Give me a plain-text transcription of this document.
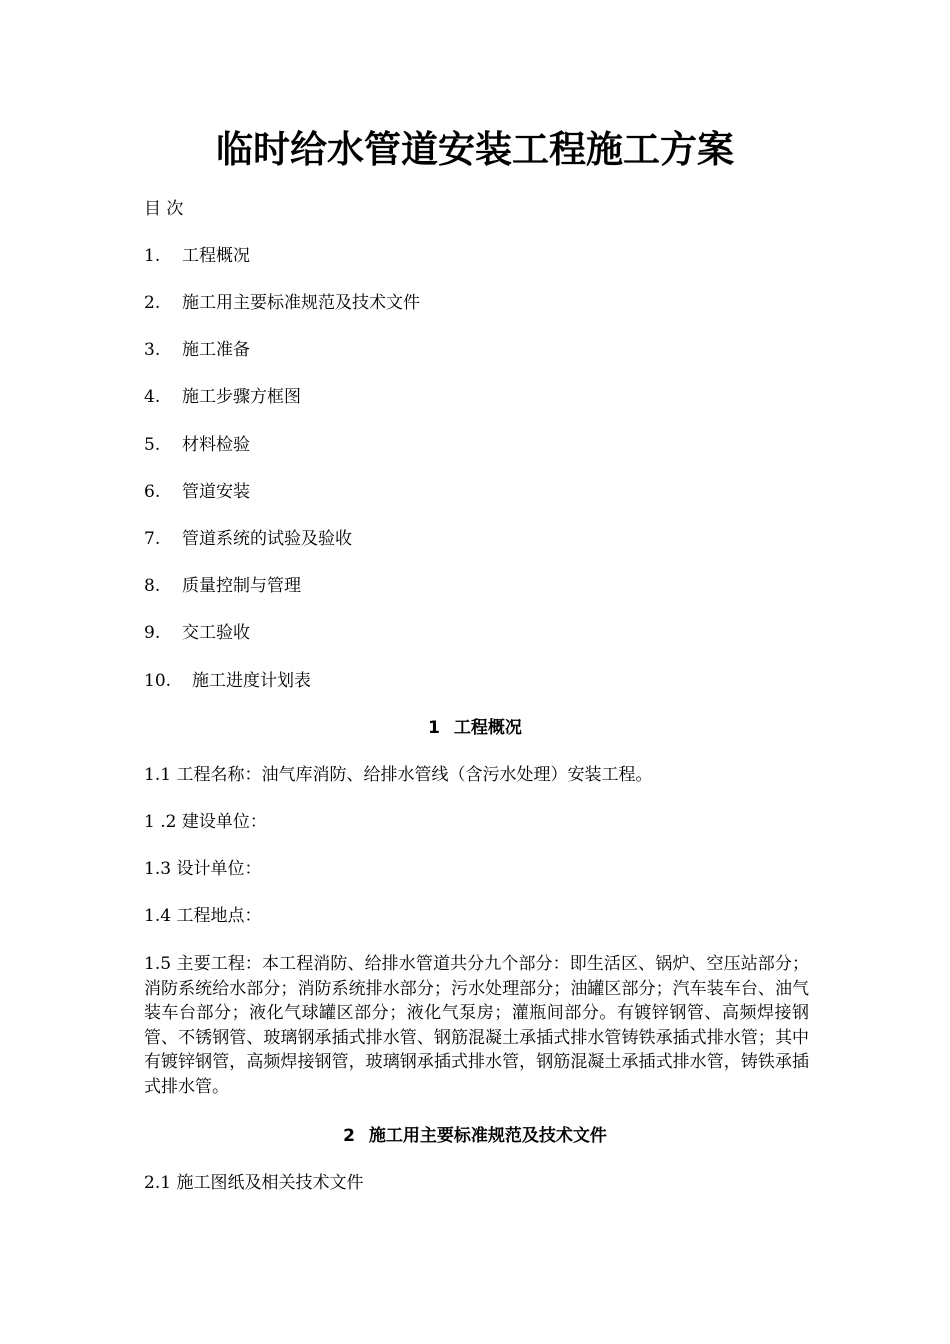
临时给水管道安装工程施工方案
目 次
1. 工程概况
2. 施工用主要标准规范及技术文件
3. 施工准备
4. 施工步骤方框图
5. 材料检验
6. 管道安装
7. 管道系统的试验及验收
8. 质量控制与管理
9. 交工验收
10. 施工进度计划表
1 工程概况
1.1 工程名称：油气库消防、给排水管线（含污水处理）安装工程。
1 .2 建设单位：
1.3 设计单位：
1.4 工程地点：
1.5 主要工程：本工程消防、给排水管道共分九个部分：即生活区、锅炉、空压站部分；消防系统给水部分；消防系统排水部分；污水处理部分；油罐区部分；汽车装车台、油气装车台部分；液化气球罐区部分；液化气泵房；灌瓶间部分。有镀锌钢管、高频焊接钢管、不锈钢管、玻璃钢承插式排水管、钢筋混凝土承插式排水管铸铁承插式排水管；其中有镀锌钢管，高频焊接钢管，玻璃钢承插式排水管，钢筋混凝土承插式排水管，铸铁承插式排水管。
2 施工用主要标准规范及技术文件
2.1 施工图纸及相关技术文件
